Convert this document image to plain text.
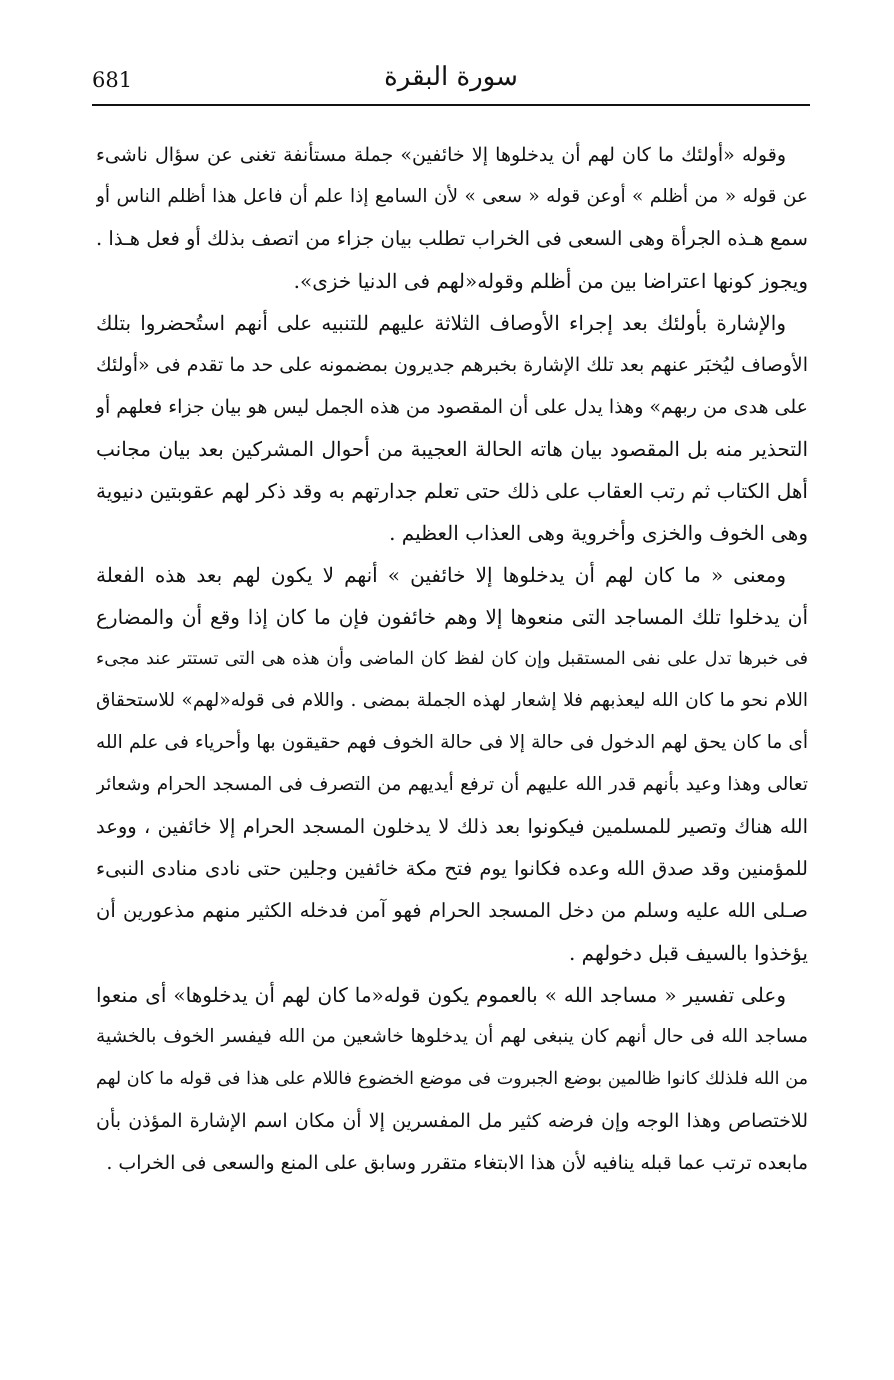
681	سورة البقرة
وقوله «أولئك ما كان لهم أن يدخلوها إلا خائفين» جملة مستأنفة تغنى عن سؤال ناشىء
عن قوله « من أظلم » أوعن قوله « سعى » لأن السامع إذا علم أن فاعل هذا أظلم الناس أو
سمع هـذه الجرأة وهى السعى فى الخراب تطلب بيان جزاء من اتصف بذلك أو فعل هـذا .
ويجوز كونها اعتراضا بين من أظلم وقوله«لهم فى الدنيا خزى».
والإشارة بأولئك بعد إجراء الأوصاف الثلاثة عليهم للتنبيه على أنهم استُحضروا بتلك
الأوصاف ليُخبَر عنهم بعد تلك الإشارة بخبرهم جديرون بمضمونه على حد ما تقدم فى «أولئك
على هدى من ربهم» وهذا يدل على أن المقصود من هذه الجمل ليس هو بيان جزاء فعلهم أو
التحذير منه بل المقصود بيان هاته الحالة العجيبة من أحوال المشركين بعد بيان مجانب
أهل الكتاب ثم رتب العقاب على ذلك حتى تعلم جدارتهم به وقد ذكر لهم عقوبتين دنيوية
وهى الخوف والخزى وأخروية وهى العذاب العظيم .
ومعنى « ما كان لهم أن يدخلوها إلا خائفين » أنهم لا يكون لهم بعد هذه الفعلة
أن يدخلوا تلك المساجد التى منعوها إلا وهم خائفون فإن ما كان إذا وقع أن والمضارع
فى خبرها تدل على نفى المستقبل وإن كان لفظ كان الماضى وأن هذه هى التى تستتر عند مجىء
اللام نحو ما كان الله ليعذبهم فلا إشعار لهذه الجملة بمضى . واللام فى قوله«لهم» للاستحقاق
أى ما كان يحق لهم الدخول فى حالة إلا فى حالة الخوف فهم حقيقون بها وأحرياء فى علم الله
تعالى وهذا وعيد بأنهم قدر الله عليهم أن ترفع أيديهم من التصرف فى المسجد الحرام وشعائر
الله هناك وتصير للمسلمين فيكونوا بعد ذلك لا يدخلون المسجد الحرام إلا خائفين ، ووعد
للمؤمنين وقد صدق الله وعده فكانوا يوم فتح مكة خائفين وجلين حتى نادى منادى النبىء
صـلى الله عليه وسلم من دخل المسجد الحرام فهو آمن فدخله الكثير منهم مذعورين أن
يؤخذوا بالسيف قبل دخولهم .
وعلى تفسير « مساجد الله » بالعموم يكون قوله«ما كان لهم أن يدخلوها» أى منعوا
مساجد الله فى حال أنهم كان ينبغى لهم أن يدخلوها خاشعين من الله فيفسر الخوف بالخشية
من الله فلذلك كانوا ظالمين بوضع الجبروت فى موضع الخضوع فاللام على هذا فى قوله ما كان لهم
للاختصاص وهذا الوجه وإن فرضه كثير مل المفسرين إلا أن مكان اسم الإشارة المؤذن بأن
مابعده ترتب عما قبله ينافيه لأن هذا الابتغاء متقرر وسابق على المنع والسعى فى الخراب .
